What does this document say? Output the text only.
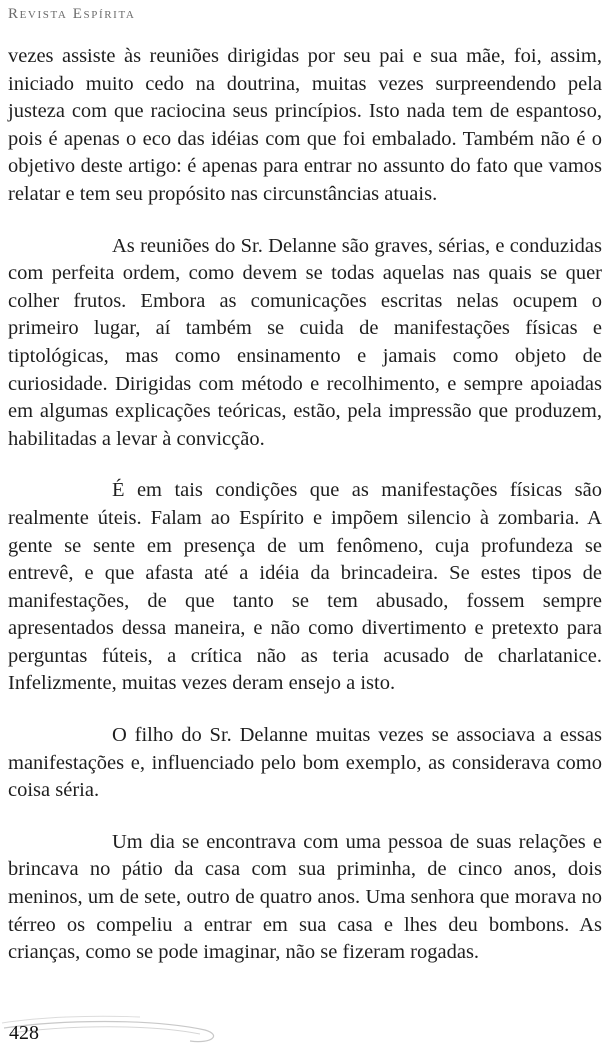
Revista Espírita

vezes assiste às reuniões dirigidas por seu pai e sua mãe, foi, assim, iniciado muito cedo na doutrina, muitas vezes surpreendendo pela justeza com que raciocina seus princípios. Isto nada tem de espantoso, pois é apenas o eco das idéias com que foi embalado. Também não é o objetivo deste artigo: é apenas para entrar no assunto do fato que vamos relatar e tem seu propósito nas circunstâncias atuais.

As reuniões do Sr. Delanne são graves, sérias, e conduzidas com perfeita ordem, como devem se todas aquelas nas quais se quer colher frutos. Embora as comunicações escritas nelas ocupem o primeiro lugar, aí também se cuida de manifestações físicas e tiptológicas, mas como ensinamento e jamais como objeto de curiosidade. Dirigidas com método e recolhimento, e sempre apoiadas em algumas explicações teóricas, estão, pela impressão que produzem, habilitadas a levar à convicção.

É em tais condições que as manifestações físicas são realmente úteis. Falam ao Espírito e impõem silencio à zombaria. A gente se sente em presença de um fenômeno, cuja profundeza se entrevê, e que afasta até a idéia da brincadeira. Se estes tipos de manifestações, de que tanto se tem abusado, fossem sempre apresentados dessa maneira, e não como divertimento e pretexto para perguntas fúteis, a crítica não as teria acusado de charlatanice. Infelizmente, muitas vezes deram ensejo a isto.

O filho do Sr. Delanne muitas vezes se associava a essas manifestações e, influenciado pelo bom exemplo, as considerava como coisa séria.

Um dia se encontrava com uma pessoa de suas relações e brincava no pátio da casa com sua priminha, de cinco anos, dois meninos, um de sete, outro de quatro anos. Uma senhora que morava no térreo os compeliu a entrar em sua casa e lhes deu bombons. As crianças, como se pode imaginar, não se fizeram rogadas.

428
